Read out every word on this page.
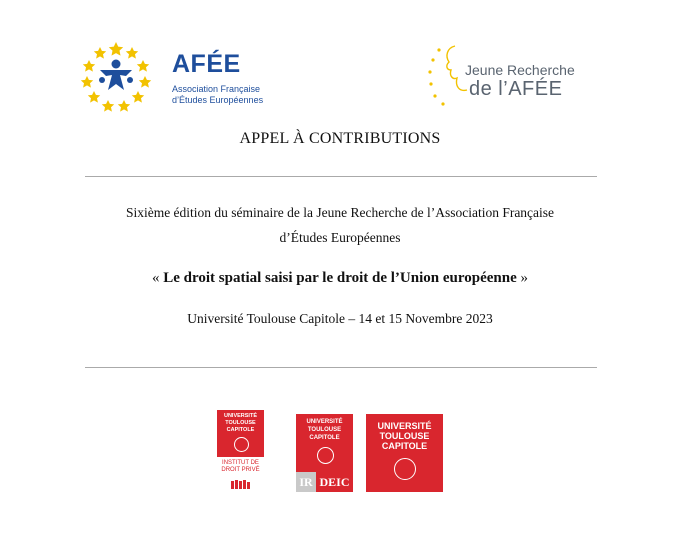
AFÉE
Association Française
d’Études Européennes
Jeune Recherche
de l’AFÉE
APPEL À CONTRIBUTIONS
Sixième édition du séminaire de la Jeune Recherche de l’Association Française
d’Études Européennes
« Le droit spatial saisi par le droit de l’Union européenne »
Université Toulouse Capitole – 14 et 15 Novembre 2023
UNIVERSITÉ
TOULOUSE
CAPITOLE
INSTITUT DE
DROIT PRIVÉ
UNIVERSITÉ
TOULOUSE
CAPITOLE
IR DEIC
UNIVERSITÉ
TOULOUSE
CAPITOLE
